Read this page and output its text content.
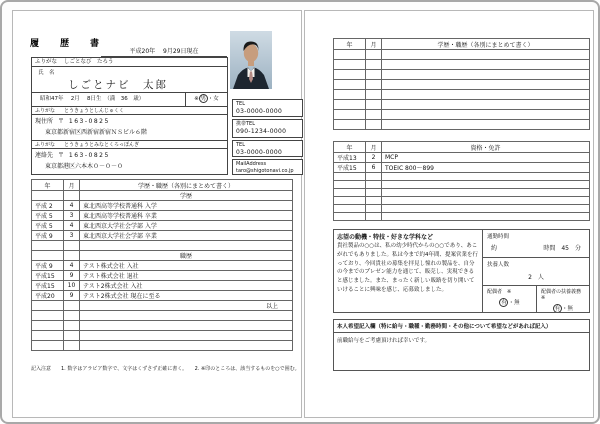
履　歴　書
平成20年　 9月29日現在
ふりがな	しごとなび　たろう
氏　名
しごとナビ　太郎
昭和47年　 2月　 8日生　（満　36　歳）	※ 男 ・女
ふりがな	とうきょうとしんじゅくく
現住所 〒 163-0825
東京都新宿区西新宿新宿ＮＳビル６階
ふりがな	とうきょうとみなとくろっぽんぎ
連絡先 〒 163-0825
東京都港区六本木０－０－０
TEL
03-0000-0000
携帯TEL
090-1234-0000
TEL
03-0000-0000
MailAddress
taro@shigotonavi.co.jp
年	月	学歴・職歴（各別にまとめて書く）
		学歴
平成 2	4	東北西高等学校普通科 入学
平成 5	3	東北西高等学校普通科 卒業
平成 5	4	東北西京大学社会学部 入学
平成 9	3	東北西京大学社会学部 卒業

		職歴
平成 9	4	テスト株式会社 入社
平成15	9	テスト株式会社 退社
平成15	10	テスト2株式会社 入社
平成20	9	テスト2株式会社 現在に至る
		以上

記入注意　　1. 数字はアラビア数字で、文字はくずさず正確に書く。　　2. ※印のところは、該当するものを○で囲む。
年	月	学歴・職歴（各別にまとめて書く）

年	月	資格・免許
平成13	2	MCP
平成15	6	TOEIC 800～899

志望の動機・特技・好きな学科など
貴社製品の○○は、私の幼少時代からの○○であり、あこがれでもありました。私は今まで約4年間、提案営業を行っており、今回貴社の募集を拝見し憧れの製品を、自分の今までのプレゼン能力を通じて、販売し、実現できると感じました。また、まったく新しい販路を切り開いていけることに興味を感じ、応募致しました。
通勤時間
約	時間　45　分
扶養人数
2　人
配偶者　※
有 ・無
配偶者の扶養義務　※
有 ・無
本人希望記入欄（特に給与・職種・勤務時間・その他について希望などがあれば記入）
前職給与をご考慮頂ければ幸いです。
